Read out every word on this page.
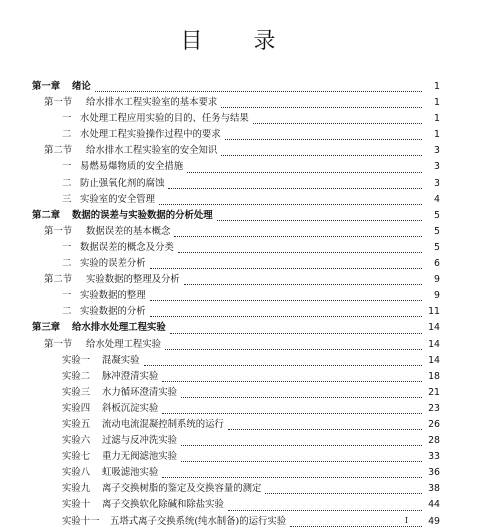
目 录
第一章 绪论	1
第一节 给水排水工程实验室的基本要求	1
一 水处理工程应用实验的目的、任务与结果	1
二 水处理工程实验操作过程中的要求	1
第二节 给水排水工程实验室的安全知识	3
一 易燃易爆物质的安全措施	3
二 防止强氧化剂的腐蚀	3
三 实验室的安全管理	4
第二章 数据的误差与实验数据的分析处理	5
第一节 数据误差的基本概念	5
一 数据误差的概念及分类	5
二 实验的误差分析	6
第二节 实验数据的整理及分析	9
一 实验数据的整理	9
二 实验数据的分析	11
第三章 给水排水处理工程实验	14
第一节 给水处理工程实验	14
实验一 混凝实验	14
实验二 脉冲澄清实验	18
实验三 水力循环澄清实验	21
实验四 斜板沉淀实验	23
实验五 流动电流混凝控制系统的运行	26
实验六 过滤与反冲洗实验	28
实验七 重力无阀滤池实验	33
实验八 虹吸滤池实验	36
实验九 离子交换树脂的鉴定及交换容量的测定	38
实验十 离子交换软化除碱和除盐实验	44
实验十一 五塔式离子交换系统(纯水制备)的运行实验	49
I
